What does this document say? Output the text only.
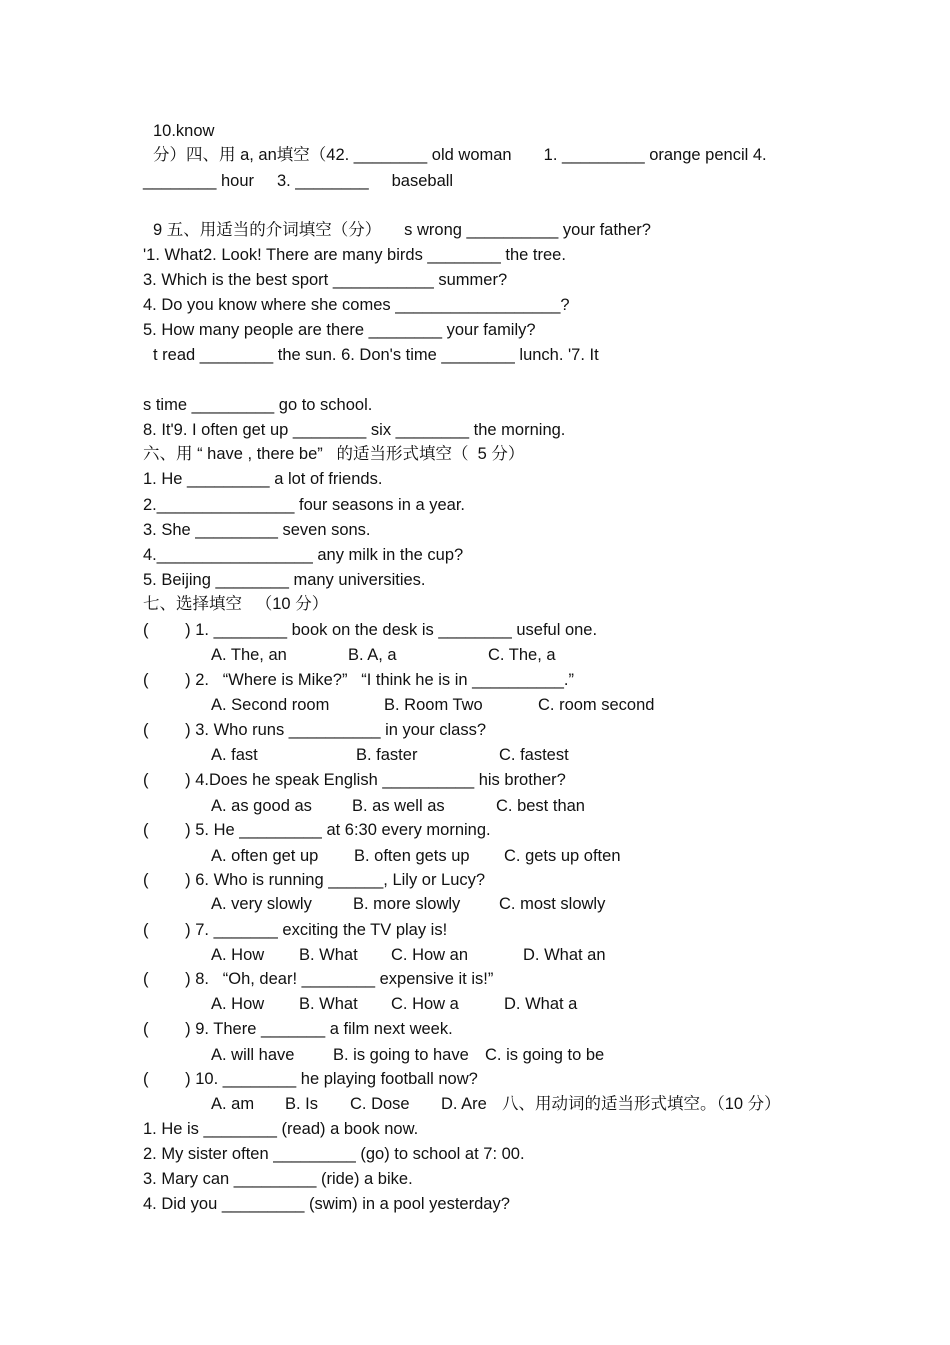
10.know
分）四、用 a, an填空（42. ________ old woman       1. _________ orange pencil 4.
________ hour     3. ________     baseball
9 五、用适当的介词填空（分）     s wrong __________ your father?
'1. What2. Look! There are many birds ________ the tree.
3. Which is the best sport ___________ summer?
4. Do you know where she comes __________________?
5. How many people are there ________ your family?
t read ________ the sun. 6. Don's time ________ lunch. '7. It
s time _________ go to school.
8. It'9. I often get up ________ six ________ the morning.
六、用 “ have , there be”   的适当形式填空（  5 分）
1. He _________ a lot of friends.
2._______________ four seasons in a year.
3. She _________ seven sons.
4._________________ any milk in the cup?
5. Beijing ________ many universities.
七、选择填空   （10 分）
(        ) 1. ________ book on the desk is ________ useful one.
A. The, an	B. A, a	C. The, a
(        ) 2.   “Where is Mike?”   “I think he is in __________.”
A. Second room	B. Room Two	C. room second
(        ) 3. Who runs __________ in your class?
A. fast	B. faster	C. fastest
(        ) 4.Does he speak English __________ his brother?
A. as good as B. as well as	C. best than
(        ) 5. He _________ at 6:30 every morning.
A. often get up B. often gets up C. gets up often
(        ) 6. Who is running ______, Lily or Lucy?
A. very slowly B. more slowly C. most slowly
(        ) 7. _______ exciting the TV play is!
A. How B. What C. How an	D. What an
(        ) 8.   “Oh, dear! ________ expensive it is!”
A. How B. What C. How a	D. What a
(        ) 9. There _______ a film next week.
A. will have B. is going to have C. is going to be
(        ) 10. ________ he playing football now?
A. am B. Is C. Dose D. Are 八、用动词的适当形式填空。（10 分）
1. He is ________ (read) a book now.
2. My sister often _________ (go) to school at 7: 00.
3. Mary can _________ (ride) a bike.
4. Did you _________ (swim) in a pool yesterday?
